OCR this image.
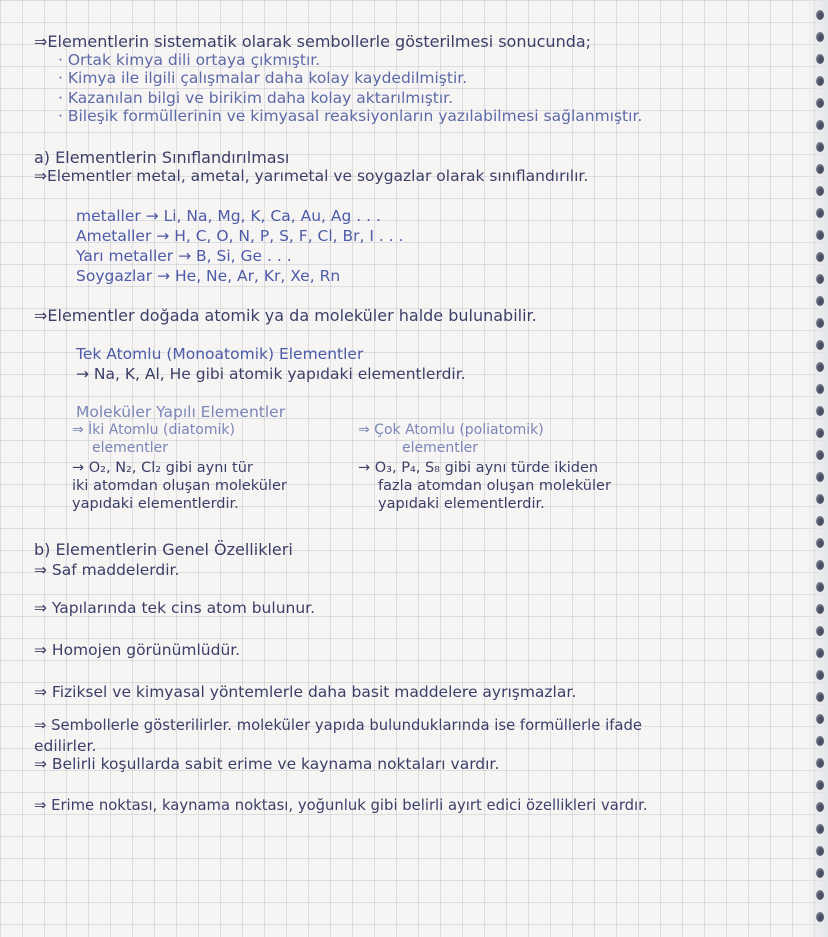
⇒Elementlerin sistematik olarak sembollerle gösterilmesi sonucunda;
· Ortak kimya dili ortaya çıkmıştır.
· Kimya ile ilgili çalışmalar daha kolay kaydedilmiştir.
· Kazanılan bilgi ve birikim daha kolay aktarılmıştır.
· Bileşik formüllerinin ve kimyasal reaksiyonların yazılabilmesi sağlanmıştır.
a) Elementlerin Sınıflandırılması
⇒Elementler metal, ametal, yarımetal ve soygazlar olarak sınıflandırılır.
metaller → Li, Na, Mg, K, Ca, Au, Ag . . .
Ametaller → H, C, O, N, P, S, F, Cl, Br, I . . .
Yarı metaller → B, Si, Ge . . .
Soygazlar → He, Ne, Ar, Kr, Xe, Rn
⇒Elementler doğada atomik ya da moleküler halde bulunabilir.
Tek Atomlu (Monoatomik) Elementler
→ Na, K, Al, He gibi atomik yapıdaki elementlerdir.
Moleküler Yapılı Elementler
⇒ İki Atomlu (diatomik)
elementler
→ O₂, N₂, Cl₂ gibi aynı tür
iki atomdan oluşan moleküler
yapıdaki elementlerdir.
⇒ Çok Atomlu (poliatomik)
elementler
→ O₃, P₄, S₈ gibi aynı türde ikiden
fazla atomdan oluşan moleküler
yapıdaki elementlerdir.
b) Elementlerin Genel Özellikleri
⇒ Saf maddelerdir.
⇒ Yapılarında tek cins atom bulunur.
⇒ Homojen görünümlüdür.
⇒ Fiziksel ve kimyasal yöntemlerle daha basit maddelere ayrışmazlar.
⇒ Sembollerle gösterilirler. moleküler yapıda bulunduklarında ise formüllerle ifade
edilirler.
⇒ Belirli koşullarda sabit erime ve kaynama noktaları vardır.
⇒ Erime noktası, kaynama noktası, yoğunluk gibi belirli ayırt edici özellikleri vardır.
